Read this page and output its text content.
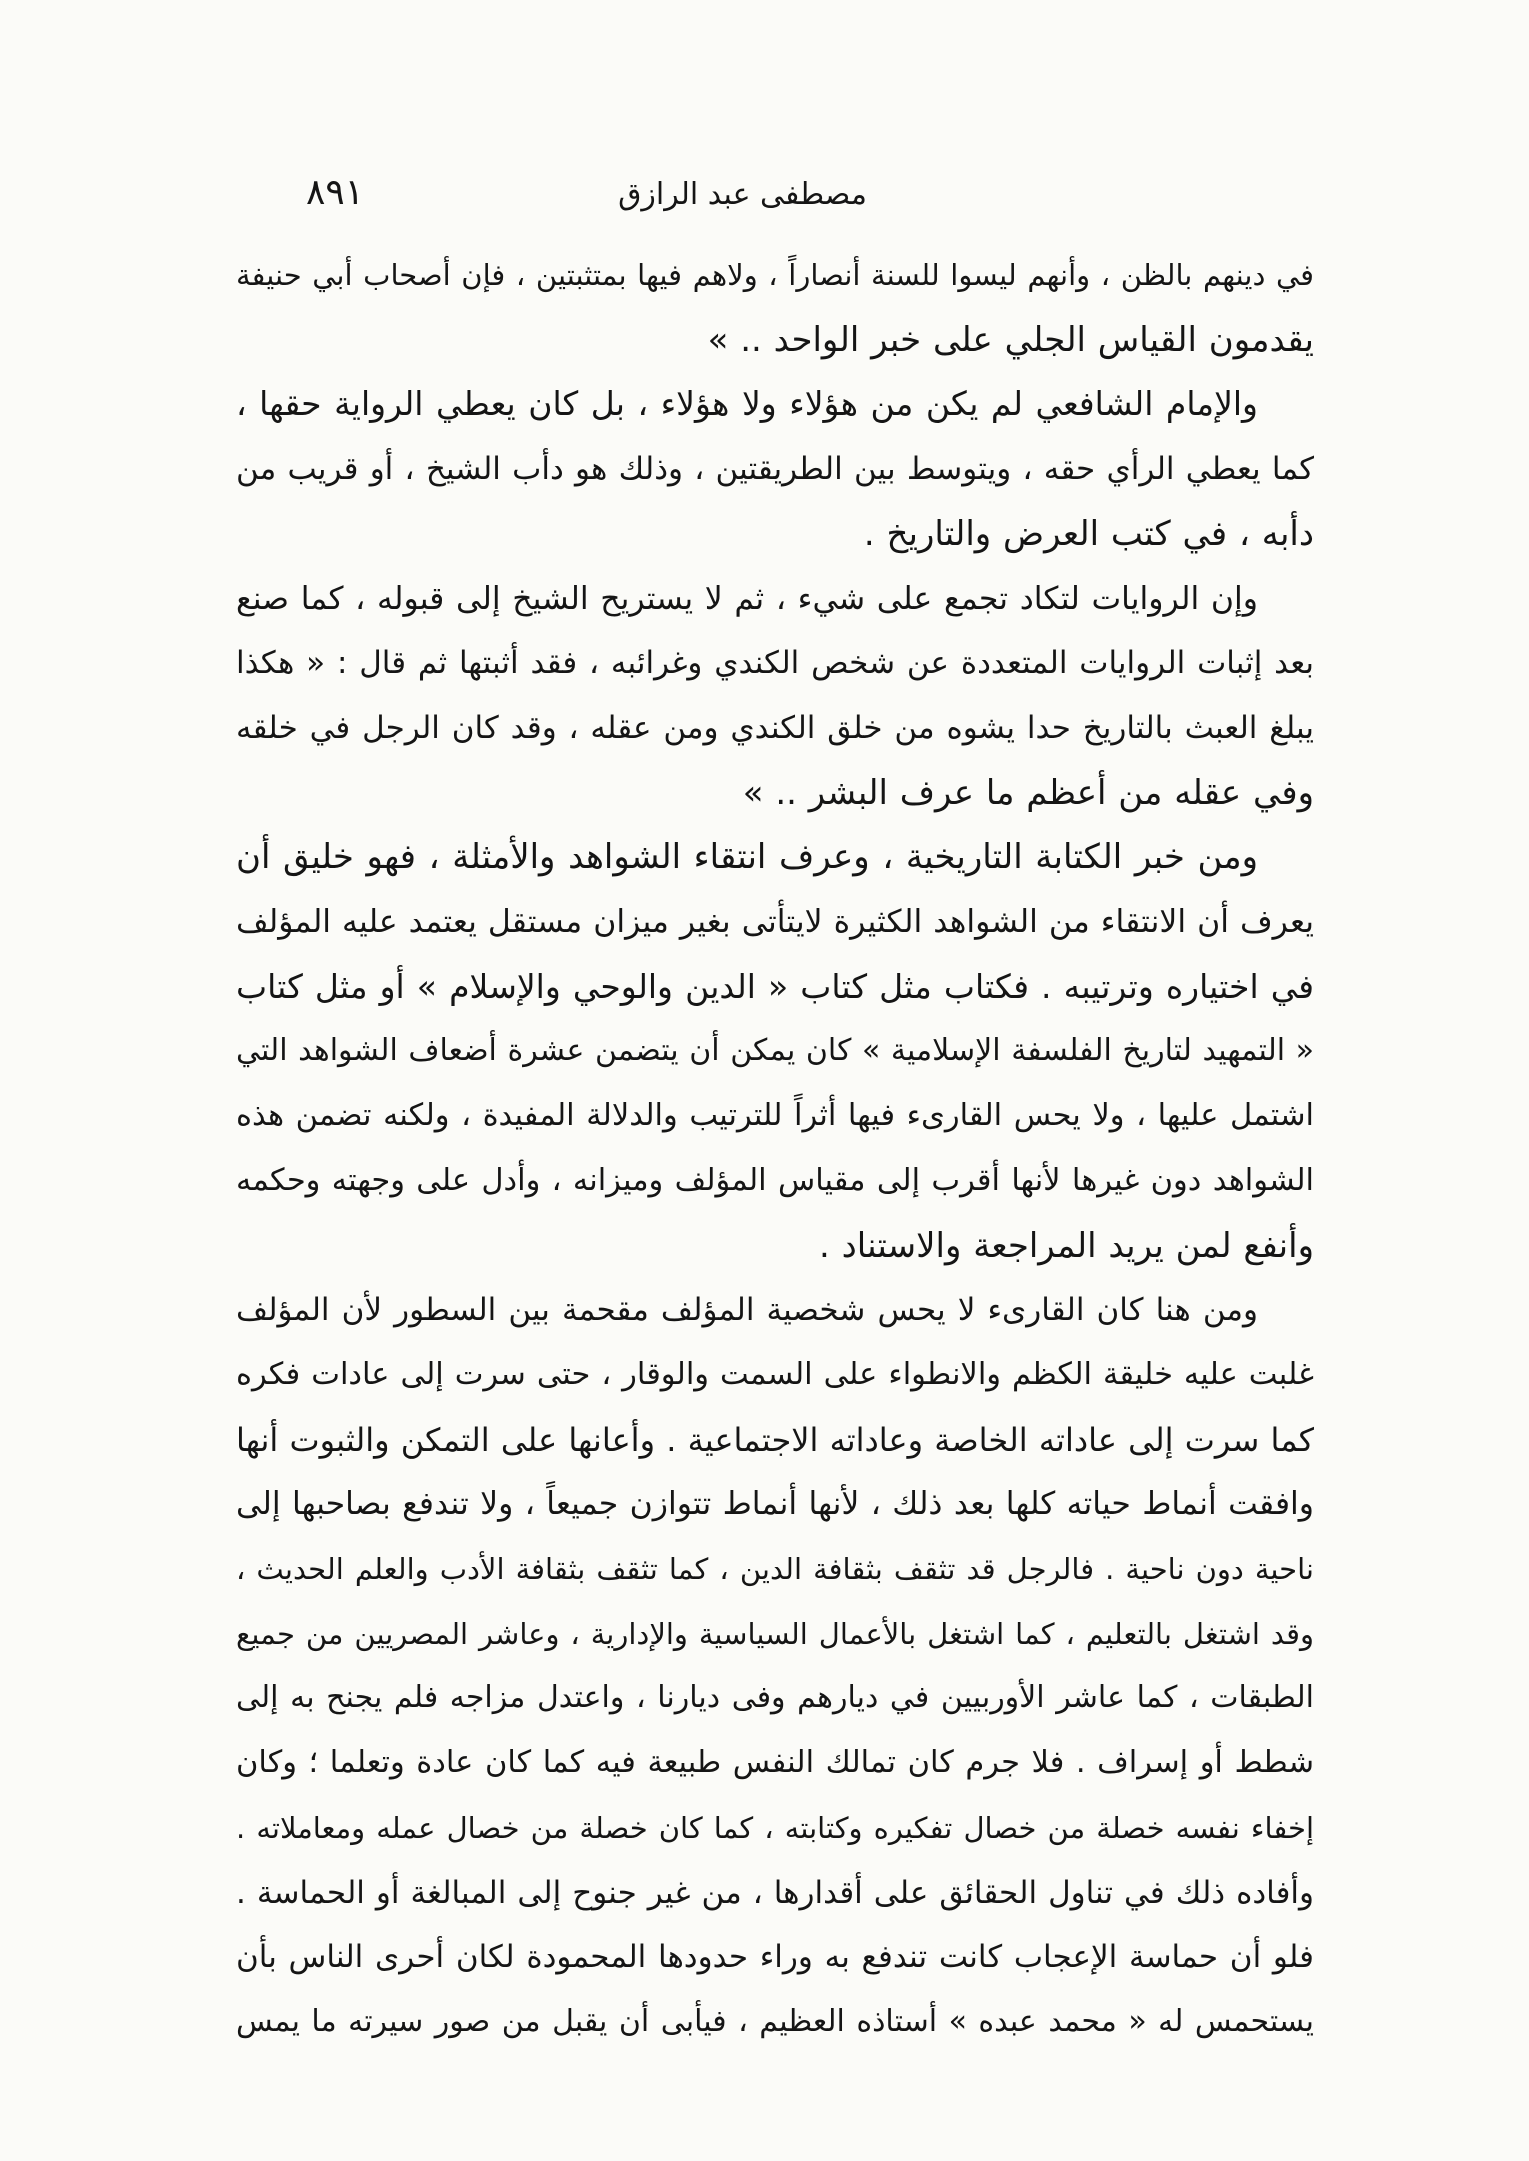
٨٩١	مصطفى عبد الرازق
في دينهم بالظن ، وأنهم ليسوا للسنة أنصاراً ، ولاهم فيها بمتثبتين ، فإن أصحاب أبي حنيفة
يقدمون القياس الجلي على خبر الواحد .. »
والإمام الشافعي لم يكن من هؤلاء ولا هؤلاء ، بل كان يعطي الرواية حقها ،
كما يعطي الرأي حقه ، ويتوسط بين الطريقتين ، وذلك هو دأب الشيخ ، أو قريب من
دأبه ، في كتب العرض والتاريخ .
وإن الروايات لتكاد تجمع على شيء ، ثم لا يستريح الشيخ إلى قبوله ، كما صنع
بعد إثبات الروايات المتعددة عن شخص الكندي وغرائبه ، فقد أثبتها ثم قال : « هكذا
يبلغ العبث بالتاريخ حدا يشوه من خلق الكندي ومن عقله ، وقد كان الرجل في خلقه
وفي عقله من أعظم ما عرف البشر .. »
ومن خبر الكتابة التاريخية ، وعرف انتقاء الشواهد والأمثلة ، فهو خليق أن
يعرف أن الانتقاء من الشواهد الكثيرة لايتأتى بغير ميزان مستقل يعتمد عليه المؤلف
في اختياره وترتيبه . فكتاب مثل كتاب « الدين والوحي والإسلام » أو مثل كتاب
« التمهيد لتاريخ الفلسفة الإسلامية » كان يمكن أن يتضمن عشرة أضعاف الشواهد التي
اشتمل عليها ، ولا يحس القارىء فيها أثراً للترتيب والدلالة المفيدة ، ولكنه تضمن هذه
الشواهد دون غيرها لأنها أقرب إلى مقياس المؤلف وميزانه ، وأدل على وجهته وحكمه
وأنفع لمن يريد المراجعة والاستناد .
ومن هنا كان القارىء لا يحس شخصية المؤلف مقحمة بين السطور لأن المؤلف
غلبت عليه خليقة الكظم والانطواء على السمت والوقار ، حتى سرت إلى عادات فكره
كما سرت إلى عاداته الخاصة وعاداته الاجتماعية . وأعانها على التمكن والثبوت أنها
وافقت أنماط حياته كلها بعد ذلك ، لأنها أنماط تتوازن جميعاً ، ولا تندفع بصاحبها إلى
ناحية دون ناحية . فالرجل قد تثقف بثقافة الدين ، كما تثقف بثقافة الأدب والعلم الحديث ،
وقد اشتغل بالتعليم ، كما اشتغل بالأعمال السياسية والإدارية ، وعاشر المصريين من جميع
الطبقات ، كما عاشر الأوربيين في ديارهم وفى ديارنا ، واعتدل مزاجه فلم يجنح به إلى
شطط أو إسراف . فلا جرم كان تمالك النفس طبيعة فيه كما كان عادة وتعلما ؛ وكان
إخفاء نفسه خصلة من خصال تفكيره وكتابته ، كما كان خصلة من خصال عمله ومعاملاته .
وأفاده ذلك في تناول الحقائق على أقدارها ، من غير جنوح إلى المبالغة أو الحماسة .
فلو أن حماسة الإعجاب كانت تندفع به وراء حدودها المحمودة لكان أحرى الناس بأن
يستحمس له « محمد عبده » أستاذه العظيم ، فيأبى أن يقبل من صور سيرته ما يمس
